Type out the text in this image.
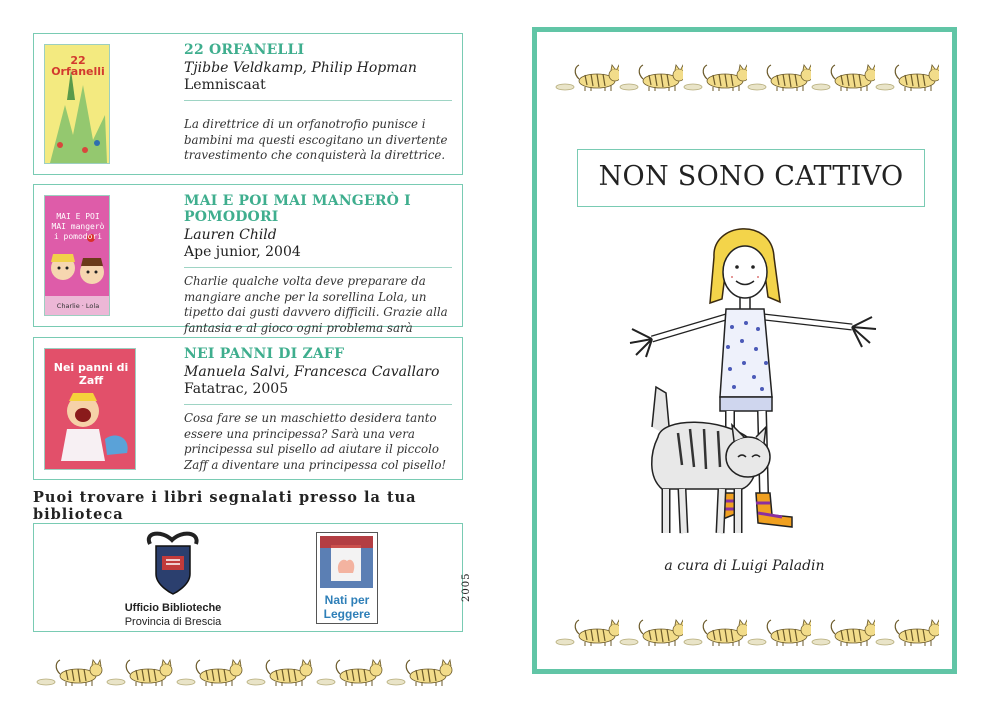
22 Orfanelli
22 ORFANELLI
Tjibbe Veldkamp, Philip Hopman
Lemniscaat
La direttrice di un orfanotrofio punisce i bambini ma questi escogitano un divertente travestimento che conquisterà la direttrice.
MAI E POI MAI mangerò i pomodori
Charlie · Lola
MAI E POI MAI MANGERÒ I POMODORI
Lauren Child
Ape junior, 2004
Charlie qualche volta deve preparare da mangiare anche per la sorellina Lola, un tipetto dai gusti davvero difficili. Grazie alla fantasia e al gioco ogni problema sarà
Nei panni di Zaff
NEI PANNI DI ZAFF
Manuela Salvi, Francesca Cavallaro
Fatatrac, 2005
Cosa fare se un maschietto desidera tanto essere una principessa? Sarà una vera principessa sul pisello ad aiutare il piccolo Zaff a diventare una principessa col pisello!
Puoi trovare i libri segnalati presso la tua biblioteca
Ufficio Biblioteche
Provincia di Brescia
Nati per
Leggere
2005
NON SONO CATTIVO
a cura di Luigi Paladin
